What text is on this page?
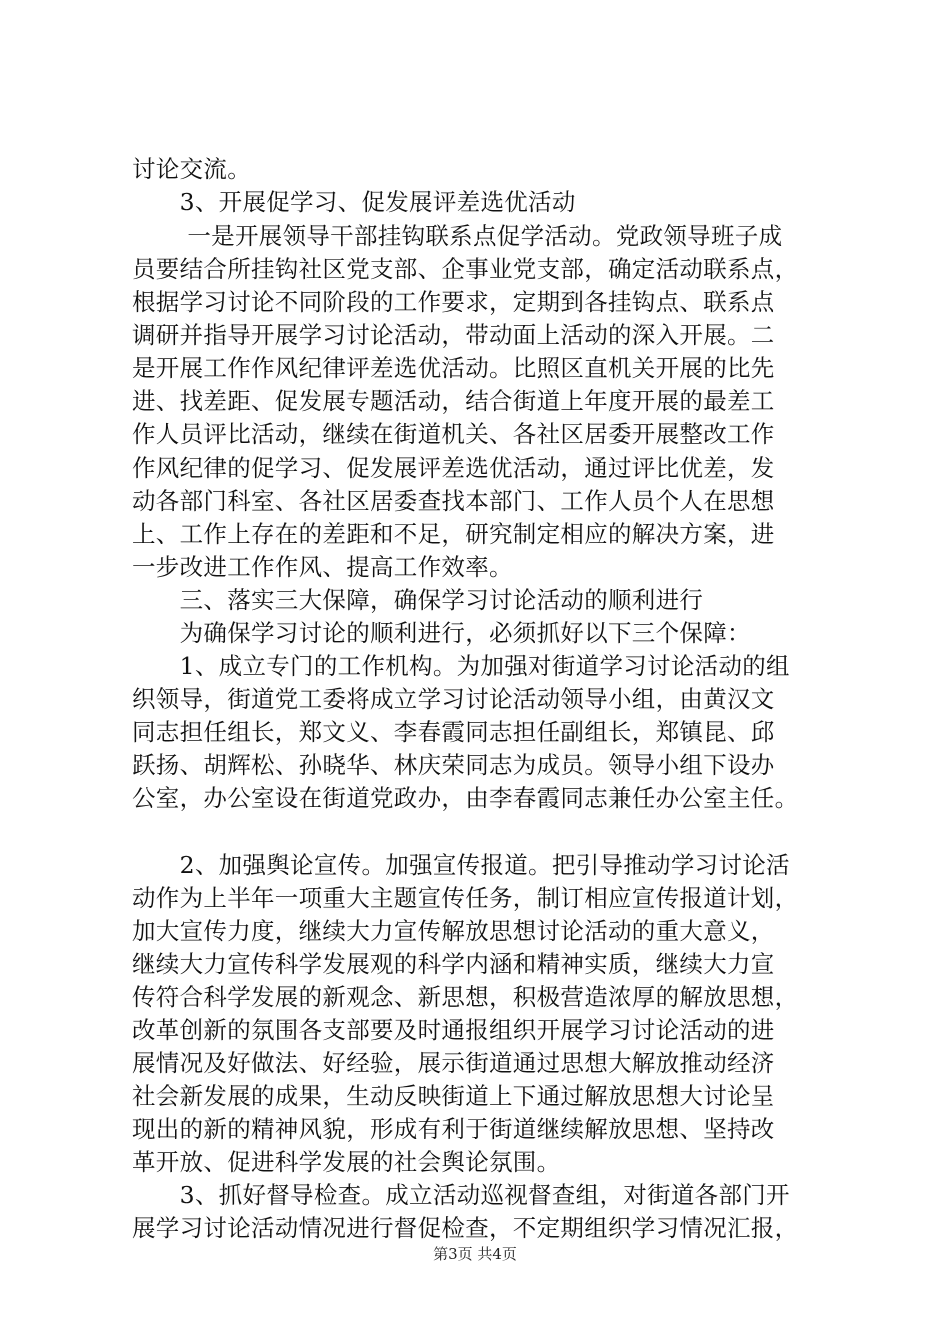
讨论交流。
　　3、开展促学习、促发展评差选优活动
　　 一是开展领导干部挂钩联系点促学活动。党政领导班子成
员要结合所挂钩社区党支部、企事业党支部，确定活动联系点，
根据学习讨论不同阶段的工作要求，定期到各挂钩点、联系点
调研并指导开展学习讨论活动，带动面上活动的深入开展。二
是开展工作作风纪律评差选优活动。比照区直机关开展的比先
进、找差距、促发展专题活动，结合街道上年度开展的最差工
作人员评比活动，继续在街道机关、各社区居委开展整改工作
作风纪律的促学习、促发展评差选优活动，通过评比优差，发
动各部门科室、各社区居委查找本部门、工作人员个人在思想
上、工作上存在的差距和不足，研究制定相应的解决方案，进
一步改进工作作风、提高工作效率。
　　三、落实三大保障，确保学习讨论活动的顺利进行
　　为确保学习讨论的顺利进行，必须抓好以下三个保障：
　　1、成立专门的工作机构。为加强对街道学习讨论活动的组
织领导，街道党工委将成立学习讨论活动领导小组，由黄汉文
同志担任组长，郑文义、李春霞同志担任副组长，郑镇昆、邱
跃扬、胡辉松、孙晓华、林庆荣同志为成员。领导小组下设办
公室，办公室设在街道党政办，由李春霞同志兼任办公室主任。
　　2、加强舆论宣传。加强宣传报道。把引导推动学习讨论活
动作为上半年一项重大主题宣传任务，制订相应宣传报道计划，
加大宣传力度，继续大力宣传解放思想讨论活动的重大意义，
继续大力宣传科学发展观的科学内涵和精神实质，继续大力宣
传符合科学发展的新观念、新思想，积极营造浓厚的解放思想，
改革创新的氛围各支部要及时通报组织开展学习讨论活动的进
展情况及好做法、好经验，展示街道通过思想大解放推动经济
社会新发展的成果，生动反映街道上下通过解放思想大讨论呈
现出的新的精神风貌，形成有利于街道继续解放思想、坚持改
革开放、促进科学发展的社会舆论氛围。
　　3、抓好督导检查。成立活动巡视督查组，对街道各部门开
展学习讨论活动情况进行督促检查，不定期组织学习情况汇报，
第3页 共4页
